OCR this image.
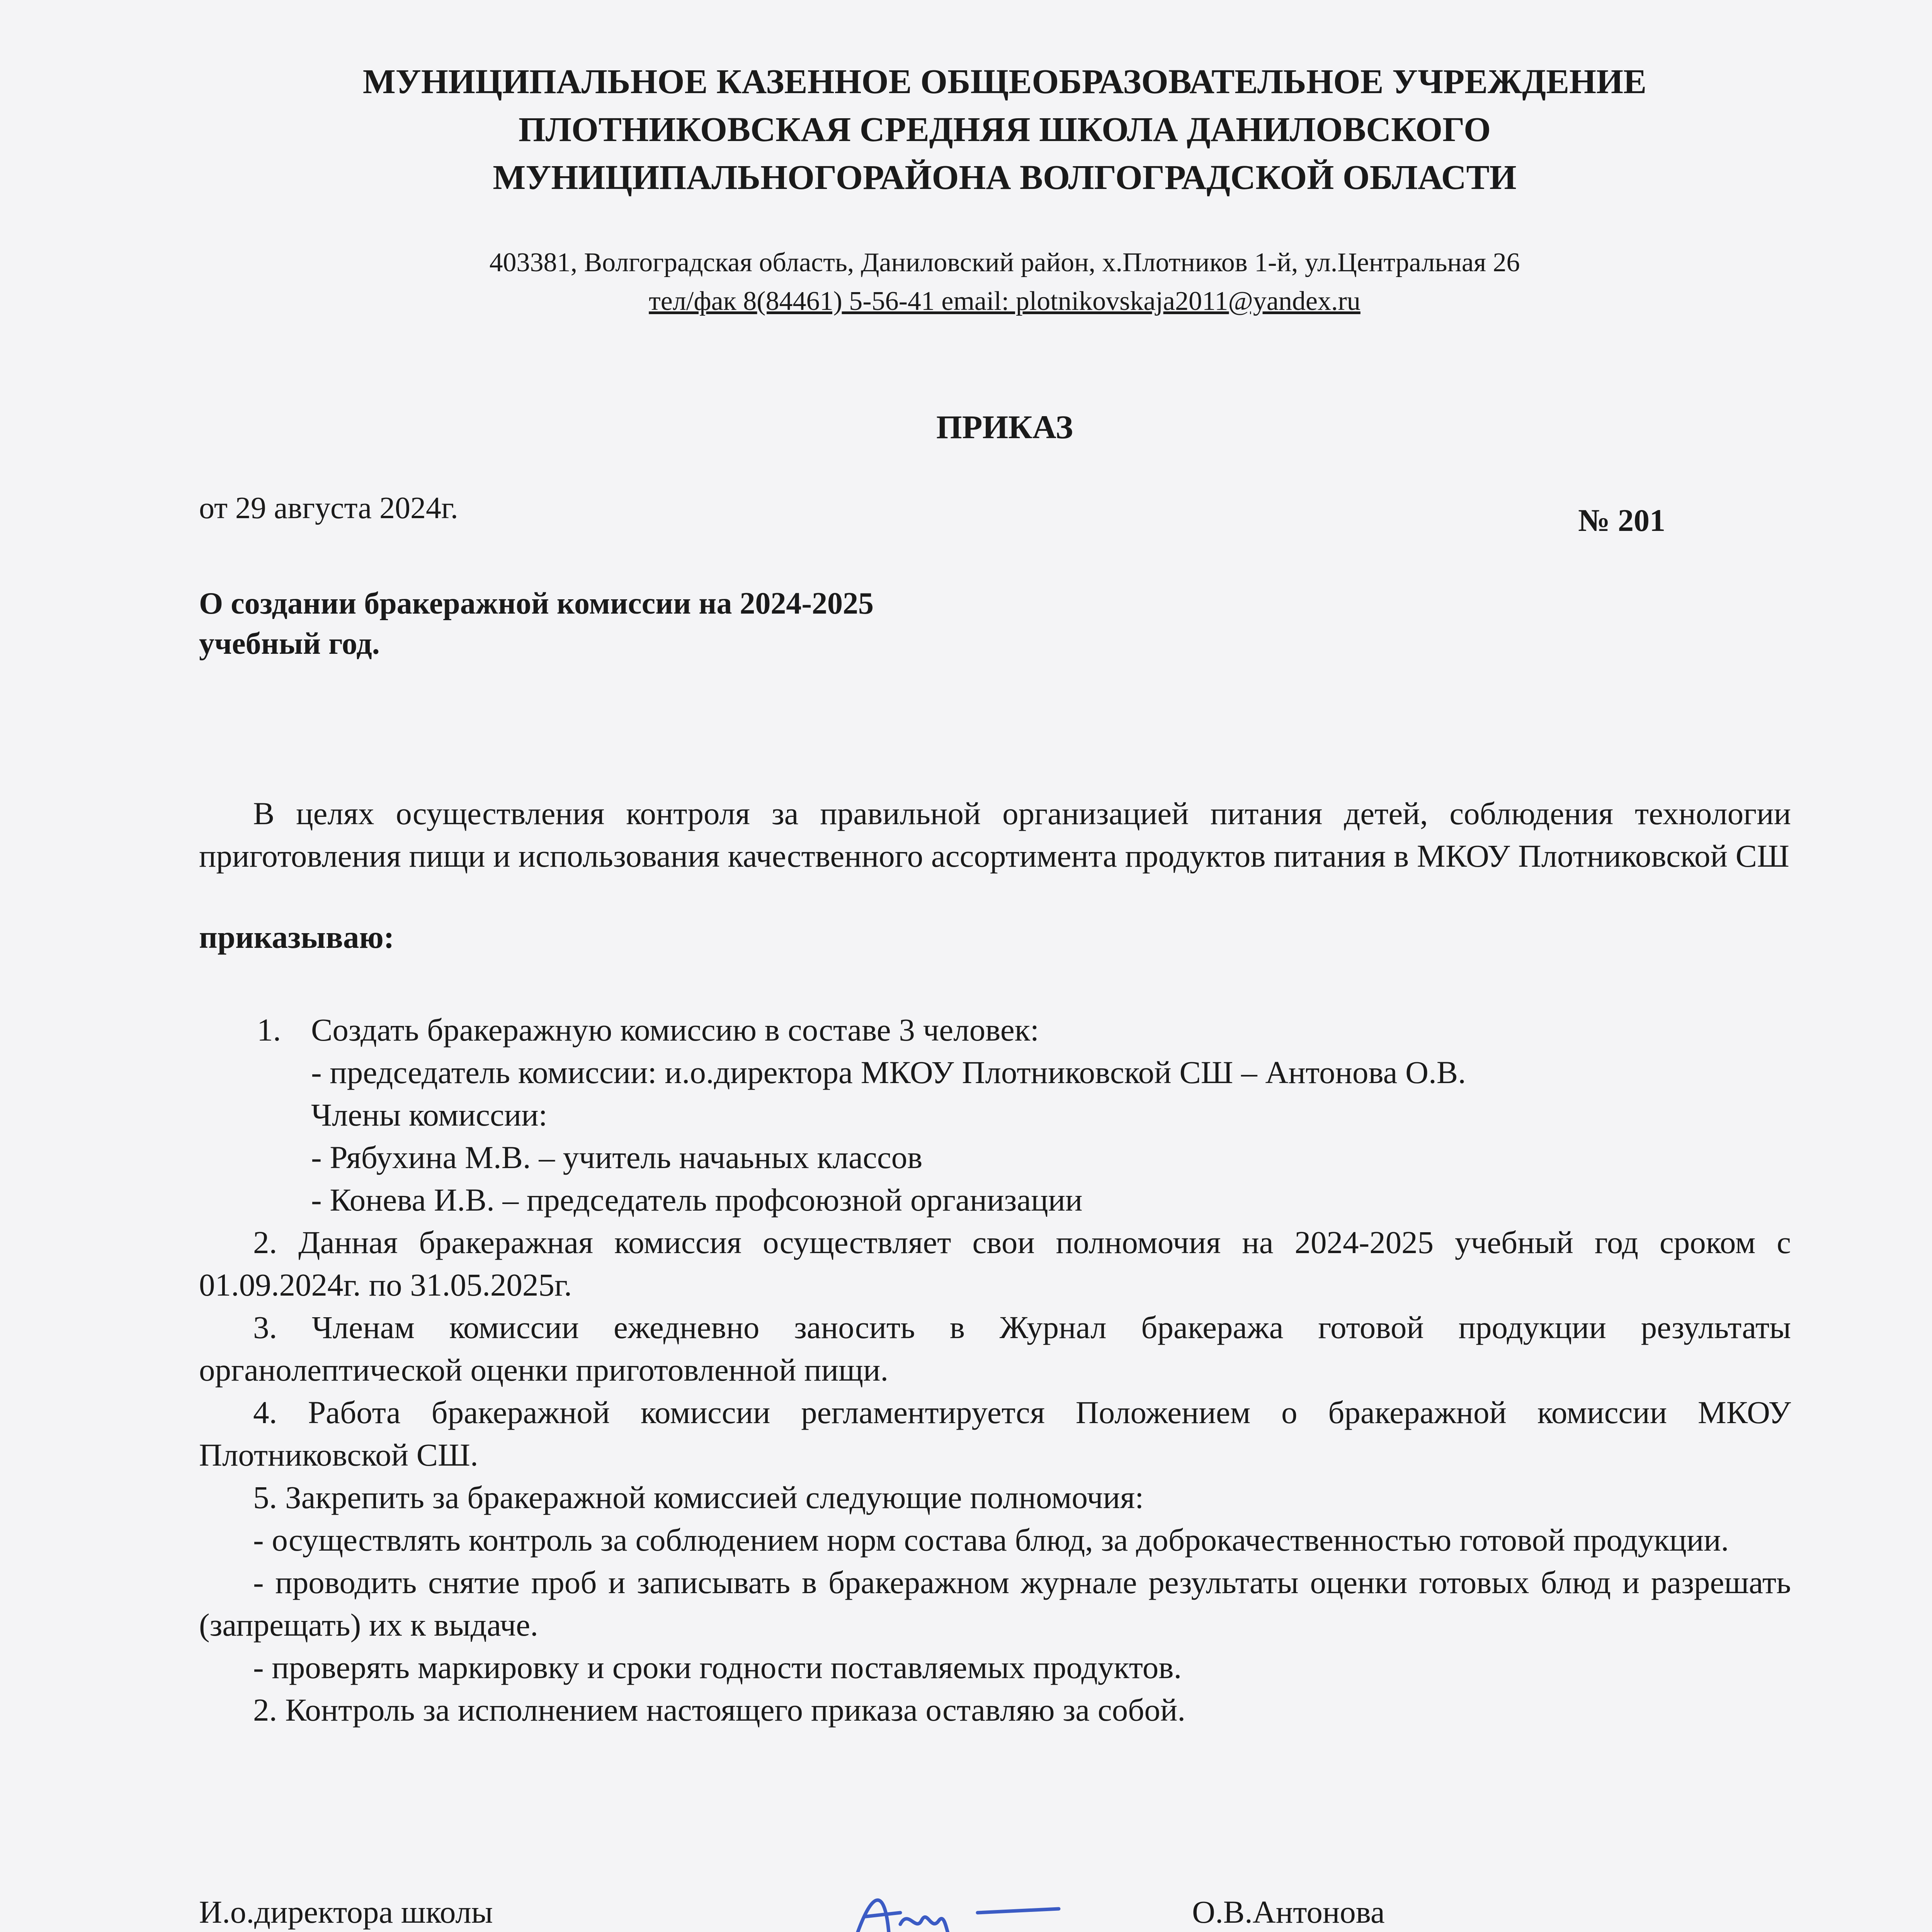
МУНИЦИПАЛЬНОЕ КАЗЕННОЕ ОБЩЕОБРАЗОВАТЕЛЬНОЕ УЧРЕЖДЕНИЕ
ПЛОТНИКОВСКАЯ СРЕДНЯЯ ШКОЛА ДАНИЛОВСКОГО
МУНИЦИПАЛЬНОГОРАЙОНА ВОЛГОГРАДСКОЙ ОБЛАСТИ
403381, Волгоградская область, Даниловский район, х.Плотников 1-й, ул.Центральная 26
тел/фак 8(84461) 5-56-41 email: plotnikovskaja2011@yandex.ru
ПРИКАЗ
от 29 августа 2024г.	№ 201
О создании бракеражной комиссии на 2024-2025
учебный год.

В целях осуществления контроля за правильной организацией питания детей, соблюдения технологии приготовления пищи и использования качественного ассортимента продуктов питания в МКОУ Плотниковской СШ

приказываю:

1. Создать бракеражную комиссию в составе 3 человек:

- председатель комиссии: и.о.директора МКОУ Плотниковской СШ – Антонова О.В.

Члены комиссии:

- Рябухина М.В. – учитель начаьных классов

- Конева И.В. – председатель профсоюзной организации

2. Данная бракеражная комиссия осуществляет свои полномочия на 2024-2025 учебный год сроком с 01.09.2024г. по 31.05.2025г.

3. Членам комиссии ежедневно заносить в Журнал бракеража готовой продукции результаты органолептической оценки приготовленной пищи.

4. Работа бракеражной комиссии регламентируется Положением о бракеражной комиссии МКОУ Плотниковской СШ.

5. Закрепить за бракеражной комиссией следующие полномочия:

- осуществлять контроль за соблюдением норм состава блюд, за доброкачественностью готовой продукции.

- проводить снятие проб и записывать в бракеражном журнале результаты оценки готовых блюд и разрешать (запрещать) их к выдаче.

- проверять маркировку и сроки годности поставляемых продуктов.

2. Контроль за исполнением настоящего приказа оставляю за собой.

И.о.директора школы	О.В.Антонова
